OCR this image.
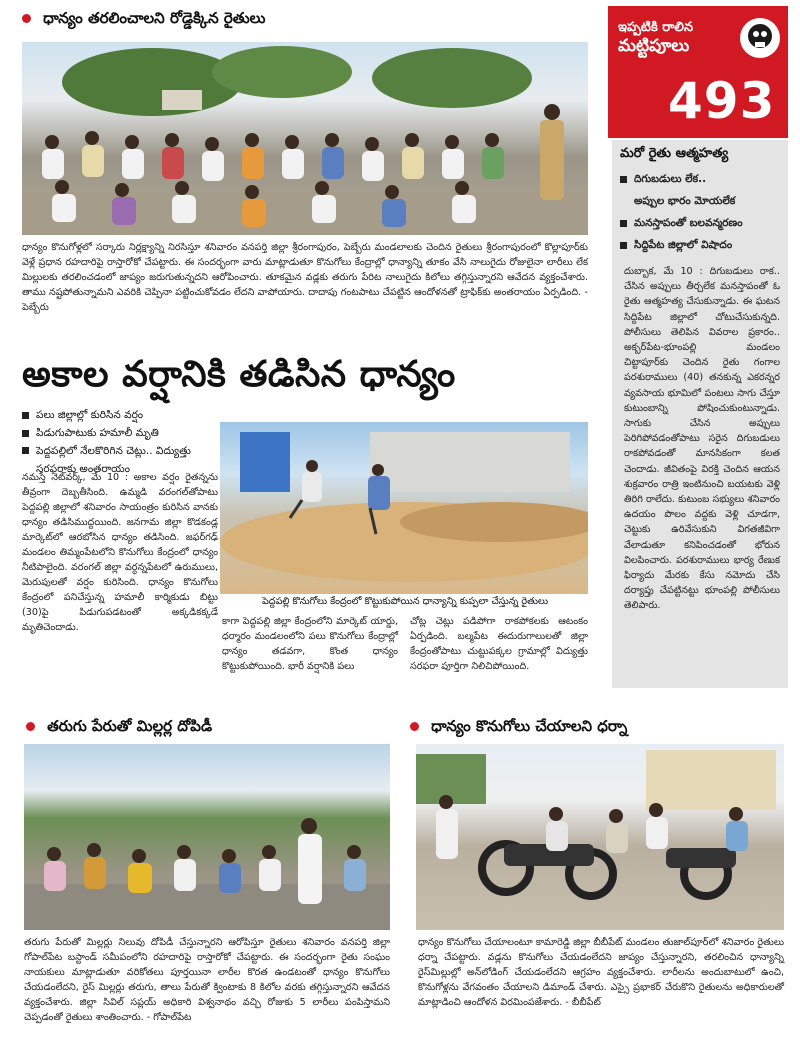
ధాన్యం తరలించాలని రోడ్డెక్కిన రైతులు
ధాన్యం కొనుగోళ్లలో సర్కారు నిర్లక్ష్యాన్ని నిరసిస్తూ శనివారం వనపర్తి జిల్లా శ్రీరంగాపురం, పెబ్బేరు మండలాలకు చెందిన రైతులు శ్రీరంగాపురంలో కొల్లాపూర్‌కు వెళ్లే ప్రధాన రహదారిపై రాస్తారోకో చేపట్టారు. ఈ సందర్భంగా వారు మాట్లాడుతూ కొనుగోలు కేంద్రాల్లో ధాన్యాన్ని తూకం వేసి నాలుగైదు రోజులైనా లారీలు లేక మిల్లులకు తరలించడంలో జాప్యం జరుగుతున్నదని ఆరోపించారు. తూకమైన వడ్లకు తరుగు పేరిట నాలుగైదు కిలోలు తగ్గిస్తున్నారని ఆవేదన వ్యక్తంచేశారు. తాము నష్టపోతున్నామని ఎవరికి చెప్పినా పట్టించుకోవడం లేదని వాపోయారు. దాదాపు గంటపాటు చేపట్టిన ఆందోళనతో ట్రాఫిక్‌కు అంతరాయం ఏర్పడింది. - పెబ్బేరు
ఇప్పటికి రాలిన
మట్టిపూలు
493
మరో రైతు ఆత్మహత్య
దిగుబడులు లేక..
అప్పుల భారం మోయలేక
మనస్తాపంతో బలవన్మరణం
సిద్దిపేట జిల్లాలో విషాదం
దుబ్బాక, మే 10 : దిగుబడులు రాక.. చేసిన అప్పులు తీర్చలేక మనస్తాపంతో ఓ రైతు ఆత్మహత్య చేసుకున్నాడు. ఈ ఘటన సిద్దిపేట జిల్లాలో చోటుచేసుకున్నది. పోలీసులు తెలిపిన వివరాల ప్రకారం.. అక్బర్‌పేట-భూంపల్లి మండలం చిట్టాపూర్‌కు చెందిన రైతు గంగాల పరశురాములు (40) తనకున్న ఎకరన్నర వ్యవసాయ భూమిలో పంటలు సాగు చేస్తూ కుటుంబాన్ని పోషించుకుంటున్నాడు. సాగుకు చేసిన అప్పులు పెరిగిపోవడంతోపాటు సరైన దిగుబడులు రాకపోవడంతో మానసికంగా కలత చెందాడు. జీవితంపై విరక్తి చెందిన ఆయన శుక్రవారం రాత్రి ఇంటినుంచి బయటకు వెళ్లి తిరిగి రాలేదు. కుటుంబ సభ్యులు శనివారం ఉదయం పొలం వద్దకు వెళ్లి చూడగా, చెట్టుకు ఉరివేసుకుని విగతజీవిగా వేలాడుతూ కనిపించడంతో భోరున విలపించారు. పరశురాములు భార్య రేణుక ఫిర్యాదు మేరకు కేసు నమోదు చేసి దర్యాప్తు చేపట్టినట్టు భూంపల్లి పోలీసులు తెలిపారు.
అకాల వర్షానికి తడిసిన ధాన్యం
పలు జిల్లాల్లో కురిసిన వర్షం
పిడుగుపాటుకు హమాలీ మృతి
పెద్దపల్లిలో నేలకొరిగిన చెట్లు.. విద్యుత్తు సరఫరాకు అంతరాయం
నమస్తే నెట్‌వర్క్‌, మే 10 : అకాల వర్షం రైతన్నను తీవ్రంగా దెబ్బతీసింది. ఉమ్మడి వరంగల్‌తోపాటు పెద్దపల్లి జిల్లాలో శనివారం సాయంత్రం కురిసిన వానకు ధాన్యం తడిసిముద్దయింది. జనగామ జిల్లా కొడకండ్ల మార్కెట్‌లో ఆరబోసిన ధాన్యం తడిసింది. జఫర్‌గఢ్‌ మండలం తిమ్మంపేటలోని కొనుగోలు కేంద్రంలో ధాన్యం నీటిపాలైంది. వరంగల్‌ జిల్లా వర్ధన్నపేటలో ఉరుములు, మెరుపులతో వర్షం కురిసింది. ధాన్యం కొనుగోలు కేంద్రంలో పనిచేస్తున్న హమాలీ కార్మికుడు బిట్టు (30)పై పిడుగుపడటంతో అక్కడికక్కడే మృతిచెందాడు.
పెద్దపల్లి కొనుగోలు కేంద్రంలో కొట్టుకుపోయిన ధాన్యాన్ని కుప్పలా చేస్తున్న రైతులు
కాగా పెద్దపల్లి జిల్లా కేంద్రంలోని మార్కెట్‌ యార్డు, ధర్మారం మండలంలోని పలు కొనుగోలు కేంద్రాల్లో ధాన్యం తడవగా, కొంత ధాన్యం కొట్టుకుపోయింది. భారీ వర్షానికి పలు
చోట్ల చెట్లు పడిపోగా రాకపోకలకు ఆటంకం ఏర్పడింది. బల్మపేట ఈదురుగాలులతో జిల్లా కేంద్రంతోపాటు చుట్టుపక్కల గ్రామాల్లో విద్యుత్తు సరఫరా పూర్తిగా నిలిచిపోయింది.
తరుగు పేరుతో మిల్లర్ల దోపిడీ
తరుగు పేరుతో మిల్లర్లు నిలువు దోపిడీ చేస్తున్నారని ఆరోపిస్తూ రైతులు శనివారం వనపర్తి జిల్లా గోపాల్‌పేట బస్టాండ్‌ సమీపంలోని రహదారిపై రాస్తారోకో చేపట్టారు. ఈ సందర్భంగా రైతు సంఘం నాయకులు మాట్లాడుతూ వరికోతలు పూర్తయినా లారీల కొరత ఉండటంతో ధాన్యం కొనుగోలు చేయడంలేదని, రైస్‌ మిల్లర్లు తరుగు, తాలు పేరుతో క్వింటాకు 8 కిలోల వరకు తగ్గిస్తున్నారని ఆవేదన వ్యక్తంచేశారు. జిల్లా సివిల్‌ సప్లయ్‌ అధికారి విశ్వనాథం వచ్చి రోజుకు 5 లారీలు పంపిస్తామని చెప్పడంతో రైతులు శాంతించారు. - గోపాల్‌పేట
ధాన్యం కొనుగోలు చేయాలని ధర్నా
ధాన్యం కొనుగోలు చేయాలంటూ కామారెడ్డి జిల్లా బీబీపేట్‌ మండలం తుజాల్‌పూర్‌లో శనివారం రైతులు ధర్నా చేపట్టారు. వడ్లను కొనుగోలు చేయడంలేదని జాప్యం చేస్తున్నారని, తరలించిన ధాన్యాన్ని రైస్‌మిల్లుల్లో అన్‌లోడింగ్‌ చేయడంలేదని ఆగ్రహం వ్యక్తంచేశారు. లారీలను అందుబాటులో ఉంచి, కొనుగోళ్లను వేగవంతం చేయాలని డిమాండ్‌ చేశారు. ఎస్సై ప్రభాకర్‌ చేరుకొని రైతులను అధికారులతో మాట్లాడించి ఆందోళన విరమింపజేశారు. - బీబీపేట్‌
